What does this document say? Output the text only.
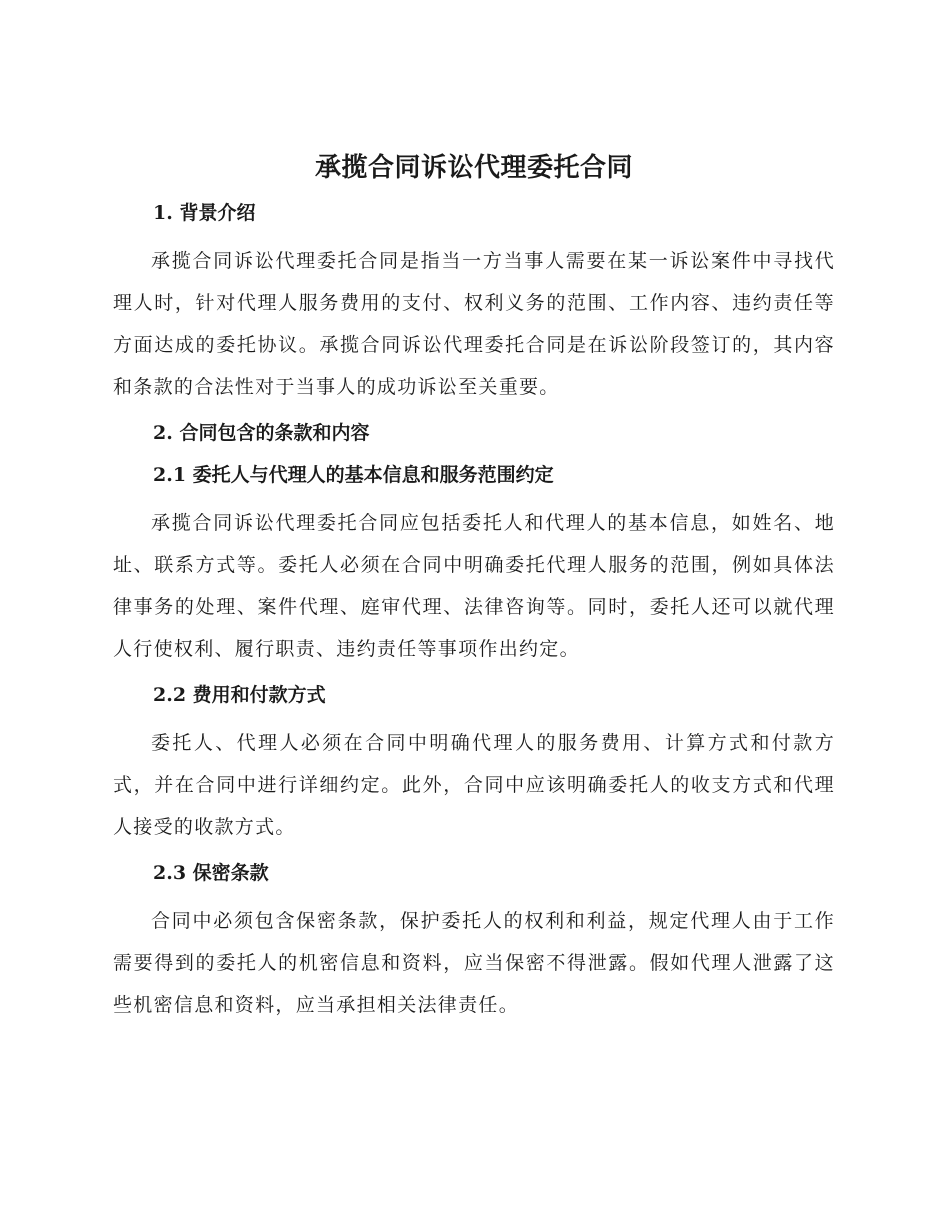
承揽合同诉讼代理委托合同
1. 背景介绍

承揽合同诉讼代理委托合同是指当一方当事人需要在某一诉讼案件中寻找代理人时，针对代理人服务费用的支付、权利义务的范围、工作内容、违约责任等方面达成的委托协议。承揽合同诉讼代理委托合同是在诉讼阶段签订的，其内容和条款的合法性对于当事人的成功诉讼至关重要。

2. 合同包含的条款和内容
2.1 委托人与代理人的基本信息和服务范围约定

承揽合同诉讼代理委托合同应包括委托人和代理人的基本信息，如姓名、地址、联系方式等。委托人必须在合同中明确委托代理人服务的范围，例如具体法律事务的处理、案件代理、庭审代理、法律咨询等。同时，委托人还可以就代理人行使权利、履行职责、违约责任等事项作出约定。

2.2 费用和付款方式

委托人、代理人必须在合同中明确代理人的服务费用、计算方式和付款方式，并在合同中进行详细约定。此外，合同中应该明确委托人的收支方式和代理人接受的收款方式。

2.3 保密条款

合同中必须包含保密条款，保护委托人的权利和利益，规定代理人由于工作需要得到的委托人的机密信息和资料，应当保密不得泄露。假如代理人泄露了这些机密信息和资料，应当承担相关法律责任。
